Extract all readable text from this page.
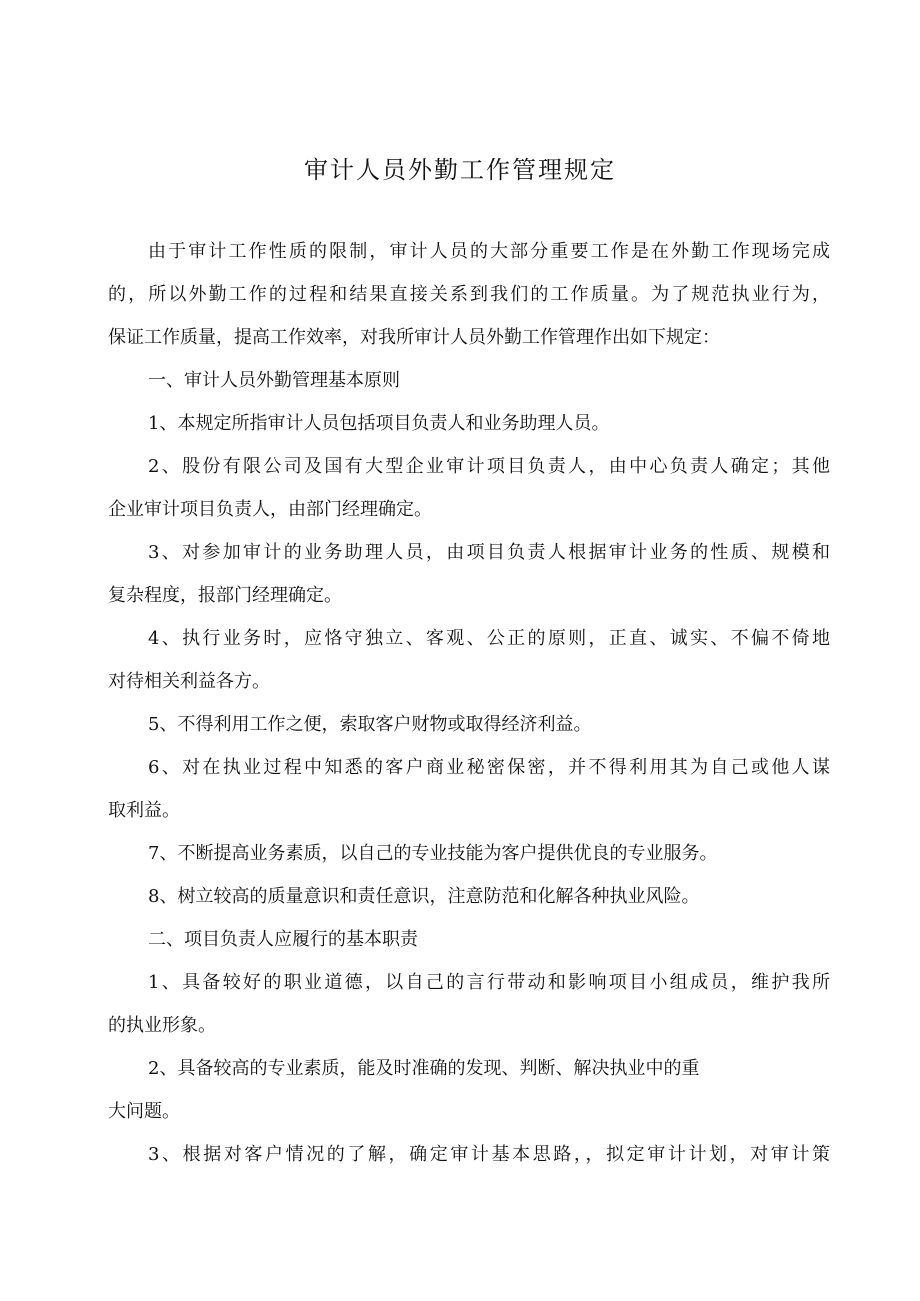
审计人员外勤工作管理规定
由于审计工作性质的限制，审计人员的大部分重要工作是在外勤工作现场完成
的，所以外勤工作的过程和结果直接关系到我们的工作质量。为了规范执业行为，
保证工作质量，提高工作效率，对我所审计人员外勤工作管理作出如下规定：
一、审计人员外勤管理基本原则
1、本规定所指审计人员包括项目负责人和业务助理人员。
2、股份有限公司及国有大型企业审计项目负责人，由中心负责人确定；其他
企业审计项目负责人，由部门经理确定。
3、对参加审计的业务助理人员，由项目负责人根据审计业务的性质、规模和
复杂程度，报部门经理确定。
4、执行业务时，应恪守独立、客观、公正的原则，正直、诚实、不偏不倚地
对待相关利益各方。
5、不得利用工作之便，索取客户财物或取得经济利益。
6、对在执业过程中知悉的客户商业秘密保密，并不得利用其为自己或他人谋
取利益。
7、不断提高业务素质，以自己的专业技能为客户提供优良的专业服务。
8、树立较高的质量意识和责任意识，注意防范和化解各种执业风险。
二、项目负责人应履行的基本职责
1、具备较好的职业道德，以自己的言行带动和影响项目小组成员，维护我所
的执业形象。
2、具备较高的专业素质，能及时准确的发现、判断、解决执业中的重
大问题。
3、根据对客户情况的了解，确定审计基本思路，，拟定审计计划，对审计策
